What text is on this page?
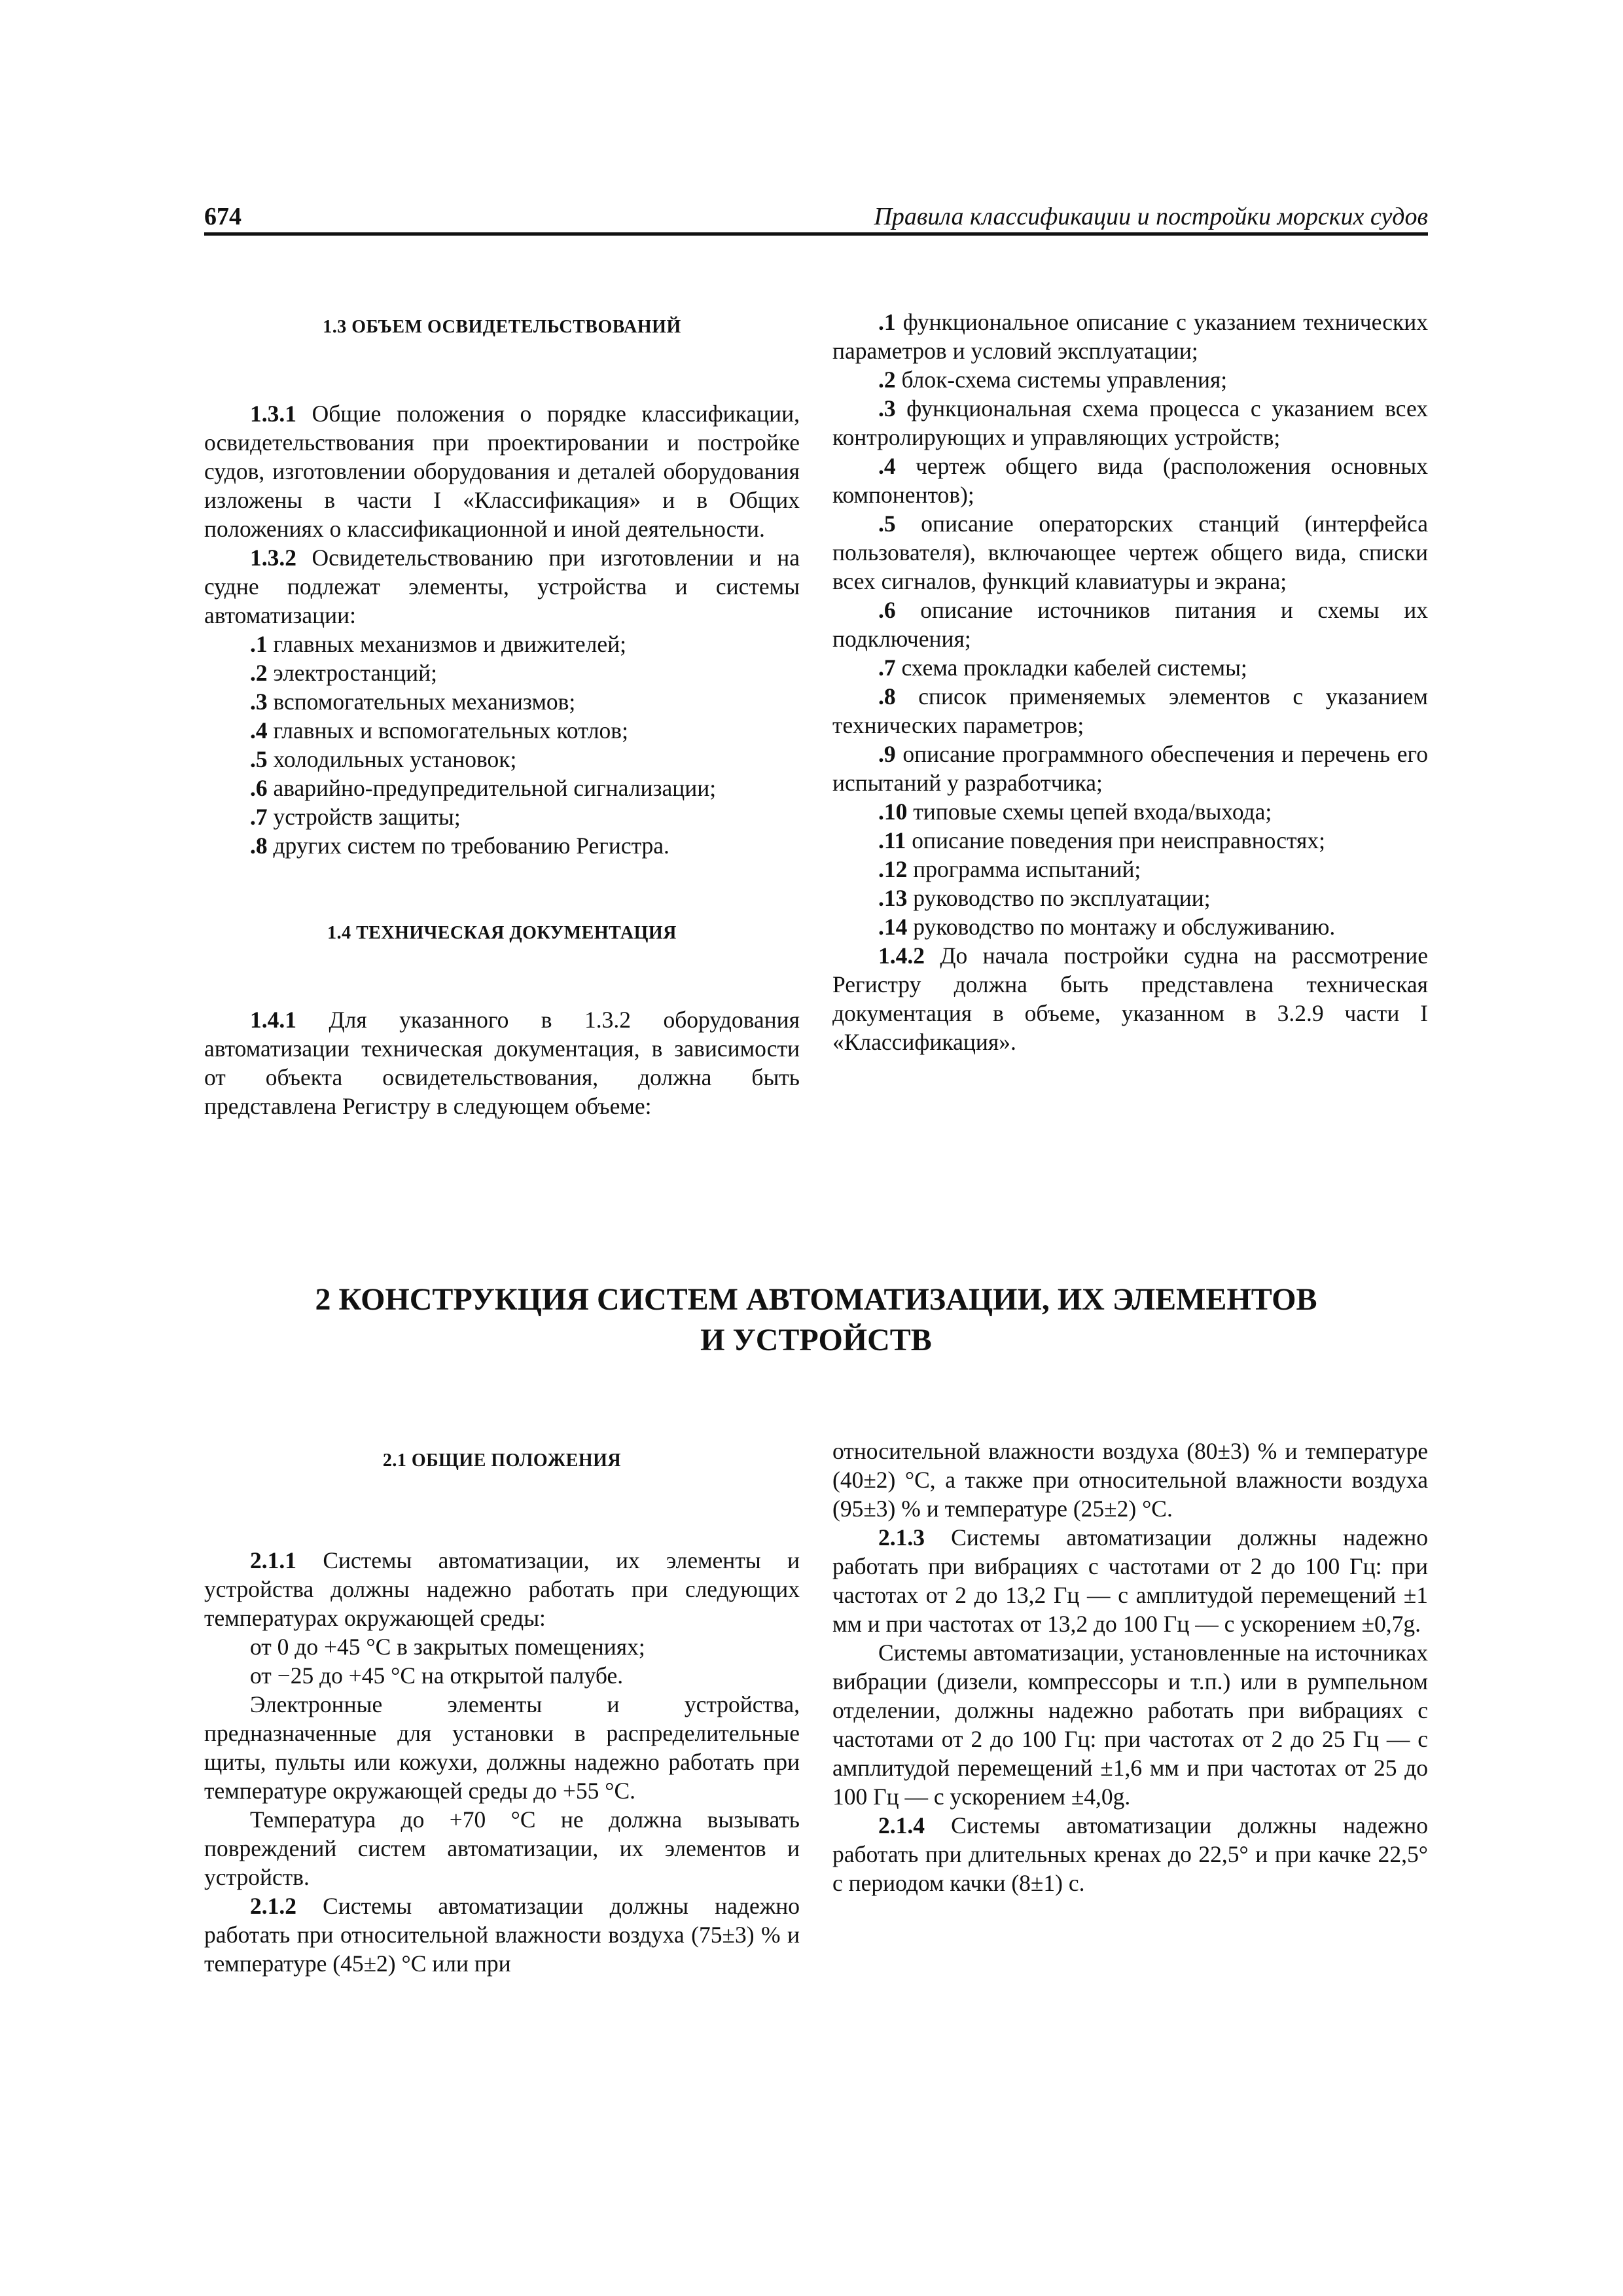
674	Правила классификации и постройки морских судов

1.3 ОБЪЕМ ОСВИДЕТЕЛЬСТВОВАНИЙ

1.3.1 Общие положения о порядке классификации, освидетельствования при проектировании и постройке судов, изготовлении оборудования и деталей оборудования изложены в части I «Классификация» и в Общих положениях о классификационной и иной деятельности.

1.3.2 Освидетельствованию при изготовлении и на судне подлежат элементы, устройства и системы автоматизации:

.1 главных механизмов и движителей;

.2 электростанций;

.3 вспомогательных механизмов;

.4 главных и вспомогательных котлов;

.5 холодильных установок;

.6 аварийно-предупредительной сигнализации;

.7 устройств защиты;

.8 других систем по требованию Регистра.

1.4 ТЕХНИЧЕСКАЯ ДОКУМЕНТАЦИЯ

1.4.1 Для указанного в 1.3.2 оборудования автоматизации техническая документация, в зависимости от объекта освидетельствования, должна быть представлена Регистру в следующем объеме:

.1 функциональное описание с указанием технических параметров и условий эксплуатации;

.2 блок-схема системы управления;

.3 функциональная схема процесса с указанием всех контролирующих и управляющих устройств;

.4 чертеж общего вида (расположения основных компонентов);

.5 описание операторских станций (интерфейса пользователя), включающее чертеж общего вида, списки всех сигналов, функций клавиатуры и экрана;

.6 описание источников питания и схемы их подключения;

.7 схема прокладки кабелей системы;

.8 список применяемых элементов с указанием технических параметров;

.9 описание программного обеспечения и перечень его испытаний у разработчика;

.10 типовые схемы цепей входа/выхода;

.11 описание поведения при неисправностях;

.12 программа испытаний;

.13 руководство по эксплуатации;

.14 руководство по монтажу и обслуживанию.

1.4.2 До начала постройки судна на рассмотрение Регистру должна быть представлена техническая документация в объеме, указанном в 3.2.9 части I «Классификация».

2 КОНСТРУКЦИЯ СИСТЕМ АВТОМАТИЗАЦИИ, ИХ ЭЛЕМЕНТОВ
И УСТРОЙСТВ

2.1 ОБЩИЕ ПОЛОЖЕНИЯ

2.1.1 Системы автоматизации, их элементы и устройства должны надежно работать при следующих температурах окружающей среды:

от 0 до +45 °С в закрытых помещениях;

от −25 до +45 °С на открытой палубе.

Электронные элементы и устройства, предназначенные для установки в распределительные щиты, пульты или кожухи, должны надежно работать при температуре окружающей среды до +55 °С.

Температура до +70 °С не должна вызывать повреждений систем автоматизации, их элементов и устройств.

2.1.2 Системы автоматизации должны надежно работать при относительной влажности воздуха (75±3) % и температуре (45±2) °С или при

относительной влажности воздуха (80±3) % и температуре (40±2) °С, а также при относительной влажности воздуха (95±3) % и температуре (25±2) °С.

2.1.3 Системы автоматизации должны надежно работать при вибрациях с частотами от 2 до 100 Гц: при частотах от 2 до 13,2 Гц — с амплитудой перемещений ±1 мм и при частотах от 13,2 до 100 Гц — с ускорением ±0,7g.

Системы автоматизации, установленные на источниках вибрации (дизели, компрессоры и т.п.) или в румпельном отделении, должны надежно работать при вибрациях с частотами от 2 до 100 Гц: при частотах от 2 до 25 Гц — с амплитудой перемещений ±1,6 мм и при частотах от 25 до 100 Гц — с ускорением ±4,0g.

2.1.4 Системы автоматизации должны надежно работать при длительных кренах до 22,5° и при качке 22,5° с периодом качки (8±1) с.
